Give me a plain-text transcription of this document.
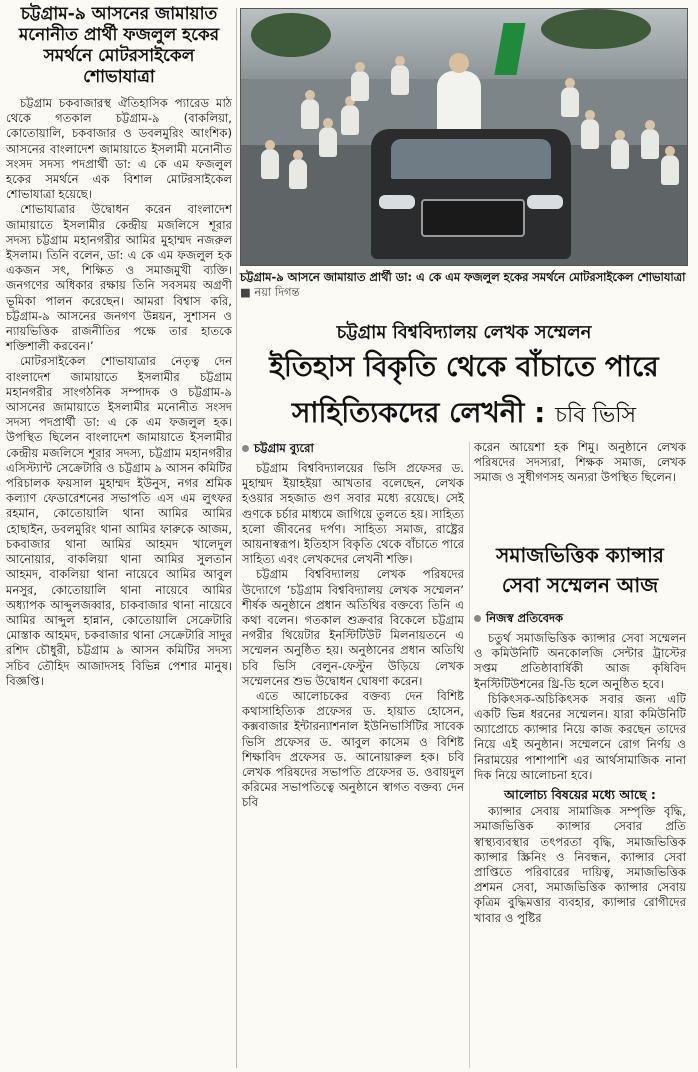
চট্টগ্রাম-৯ আসনের জামায়াত মনোনীত প্রার্থী ফজলুল হকের সমর্থনে মোটরসাইকেল শোভাযাত্রা

চট্টগ্রাম চকবাজারস্থ ঐতিহাসিক প্যারেড মাঠ থেকে গতকাল চট্টগ্রাম-৯ (বাকলিয়া, কোতোয়ালি, চকবাজার ও ডবলমুরিং আংশিক) আসনের বাংলাদেশ জামায়াতে ইসলামী মনোনীত সংসদ সদস্য পদপ্রার্থী ডা: এ কে এম ফজলুল হকের সমর্থনে এক বিশাল মোটরসাইকেল শোভাযাত্রা হয়েছে।

শোভাযাত্রার উদ্বোধন করেন বাংলাদেশ জামায়াতে ইসলামীর কেন্দ্রীয় মজলিসে শূরার সদস্য চট্টগ্রাম মহানগরীর আমির মুহাম্মদ নজরুল ইসলাম। তিনি বলেন, ডা: এ কে এম ফজলুল হক একজন সৎ, শিক্ষিত ও সমাজমুখী ব্যক্তি। জনগণের অধিকার রক্ষায় তিনি সবসময় অগ্রণী ভূমিকা পালন করেছেন। আমরা বিশ্বাস করি, চট্টগ্রাম-৯ আসনের জনগণ উন্নয়ন, সুশাসন ও ন্যায়ভিত্তিক রাজনীতির পক্ষে তার হাতকে শক্তিশালী করবেন।’

মোটরসাইকেল শোভাযাত্রার নেতৃত্ব দেন বাংলাদেশ জামায়াতে ইসলামীর চট্টগ্রাম মহানগরীর সাংগঠনিক সম্পাদক ও চট্টগ্রাম-৯ আসনের জামায়াতে ইসলামীর মনোনীত সংসদ সদস্য পদপ্রার্থী ডা: এ কে এম ফজলুল হক। উপস্থিত ছিলেন বাংলাদেশ জামায়াতে ইসলামীর কেন্দ্রীয় মজলিসে শূরার সদস্য, চট্টগ্রাম মহানগরীর এসিস্ট্যান্ট সেক্রেটারি ও চট্টগ্রাম ৯ আসন কমিটির পরিচালক ফয়সাল মুহাম্মদ ইউনুস, নগর শ্রমিক কল্যাণ ফেডারেশনের সভাপতি এস এম লুৎফর রহমান, কোতোয়ালি থানা আমির আমির হোছাইন, ডবলমুরিং থানা আমির ফারুকে আজম, চকবাজার থানা আমির আহমদ খালেদুল আনোয়ার, বাকলিয়া থানা আমির সুলতান আহমদ, বাকলিয়া থানা নায়েবে আমির আবুল মনসুর, কোতোয়ালি থানা নায়েবে আমির অধ্যাপক আব্দুলজব্বার, চাকবাজার থানা নায়েবে আমির আব্দুল হান্নান, কোতোয়ালি সেক্রেটারি মোস্তাক আহমদ, চকবাজার থানা সেক্রেটারি সাদুর রশিদ চৌধুরী, চট্টগ্রাম ৯ আসন কমিটির সদস্য সচিব তৌহিদ আজাদসহ বিভিন্ন পেশার মানুষ। বিজ্ঞপ্তি।

চট্টগ্রাম-৯ আসনে জামায়াত প্রার্থী ডা: এ কে এম ফজলুল হকের সমর্থনে মোটরসাইকেল শোভাযাত্রা ■ নয়া দিগন্ত
চট্টগ্রাম বিশ্ববিদ্যালয় লেখক সম্মেলন
ইতিহাস বিকৃতি থেকে বাঁচাতে পারে
সাহিত্যিকদের লেখনী : চবি ভিসি
চট্টগ্রাম ব্যুরো

চট্টগ্রাম বিশ্ববিদ্যালয়ের ভিসি প্রফেসর ড. মুহাম্মদ ইয়াহইয়া আখতার বলেছেন, লেখক হওয়ার সহজাত গুণ সবার মধ্যে রয়েছে। সেই গুণকে চর্চার মাধ্যমে জাগিয়ে তুলতে হয়। সাহিত্য হলো জীবনের দর্পণ। সাহিত্য সমাজ, রাষ্ট্রের আয়নাস্বরূপ। ইতিহাস বিকৃতি থেকে বাঁচাতে পারে সাহিত্য এবং লেখকদের লেখনী শক্তি।

চট্টগ্রাম বিশ্ববিদ্যালয় লেখক পরিষদের উদ্যোগে ‘চট্টগ্রাম বিশ্ববিদ্যালয় লেখক সম্মেলন’ শীর্ষক অনুষ্ঠানে প্রধান অতিথির বক্তব্যে তিনি এ কথা বলেন। গতকাল শুক্রবার বিকেলে চট্টগ্রাম নগরীর থিয়েটার ইনস্টিটিউট মিলনায়তনে এ সম্মেলন অনুষ্ঠিত হয়। অনুষ্ঠানের প্রধান অতিথি চবি ভিসি বেলুন-ফেস্টুন উড়িয়ে লেখক সম্মেলনের শুভ উদ্বোধন ঘোষণা করেন।

এতে আলোচকের বক্তব্য দেন বিশিষ্ট কথাসাহিত্যিক প্রফেসর ড. হায়াত হোসেন, কক্সবাজার ইন্টারন্যাশনাল ইউনিভার্সিটির সাবেক ভিসি প্রফেসর ড. আবুল কাসেম ও বিশিষ্ট শিক্ষাবিদ প্রফেসর ড. আনোয়ারুল হক। চবি লেখক পরিষদের সভাপতি প্রফেসর ড. ওবায়দুল করিমের সভাপতিত্বে অনুষ্ঠানে স্বাগত বক্তব্য দেন চবি

করেন আয়েশা হক শিমু। অনুষ্ঠানে লেখক পরিষদের সদস্যরা, শিক্ষক সমাজ, লেখক সমাজ ও সুধীগণসহ অন্যরা উপস্থিত ছিলেন।

সমাজভিত্তিক ক্যান্সার সেবা সম্মেলন আজ
নিজস্ব প্রতিবেদক

চতুর্থ সমাজভিত্তিক ক্যান্সার সেবা সম্মেলন ও কমিউনিটি অনকোলজি সেন্টার ট্রাস্টের সপ্তম প্রতিষ্ঠাবার্ষিকী আজ কৃষিবিদ ইনস্টিটিউশনের থ্রি-ডি হলে অনুষ্ঠিত হবে।

চিকিৎসক-অচিকিৎসক সবার জন্য এটি একটি ভিন্ন ধরনের সম্মেলন। যারা কমিউনিটি অ্যাপ্রোচে ক্যান্সার নিয়ে কাজ করছেন তাদের নিয়ে এই অনুষ্ঠান। সম্মেলনে রোগ নির্ণয় ও নিরাময়ের পাশাপাশি এর আর্থসামাজিক নানা দিক নিয়ে আলোচনা হবে।

আলোচ্য বিষয়ের মধ্যে আছে :

ক্যান্সার সেবায় সামাজিক সম্পৃক্তি বৃদ্ধি, সমাজভিত্তিক ক্যান্সার সেবার প্রতি স্বাস্থ্যব্যবস্থার তৎপরতা বৃদ্ধি, সমাজভিত্তিক ক্যান্সার স্ক্রিনিং ও নিবন্ধন, ক্যান্সার সেবা প্রাপ্তিতে পরিবারের দায়িত্ব, সমাজভিত্তিক প্রশমন সেবা, সমাজভিত্তিক ক্যান্সার সেবায় কৃত্রিম বুদ্ধিমত্তার ব্যবহার, ক্যান্সার রোগীদের খাবার ও পুষ্টির
